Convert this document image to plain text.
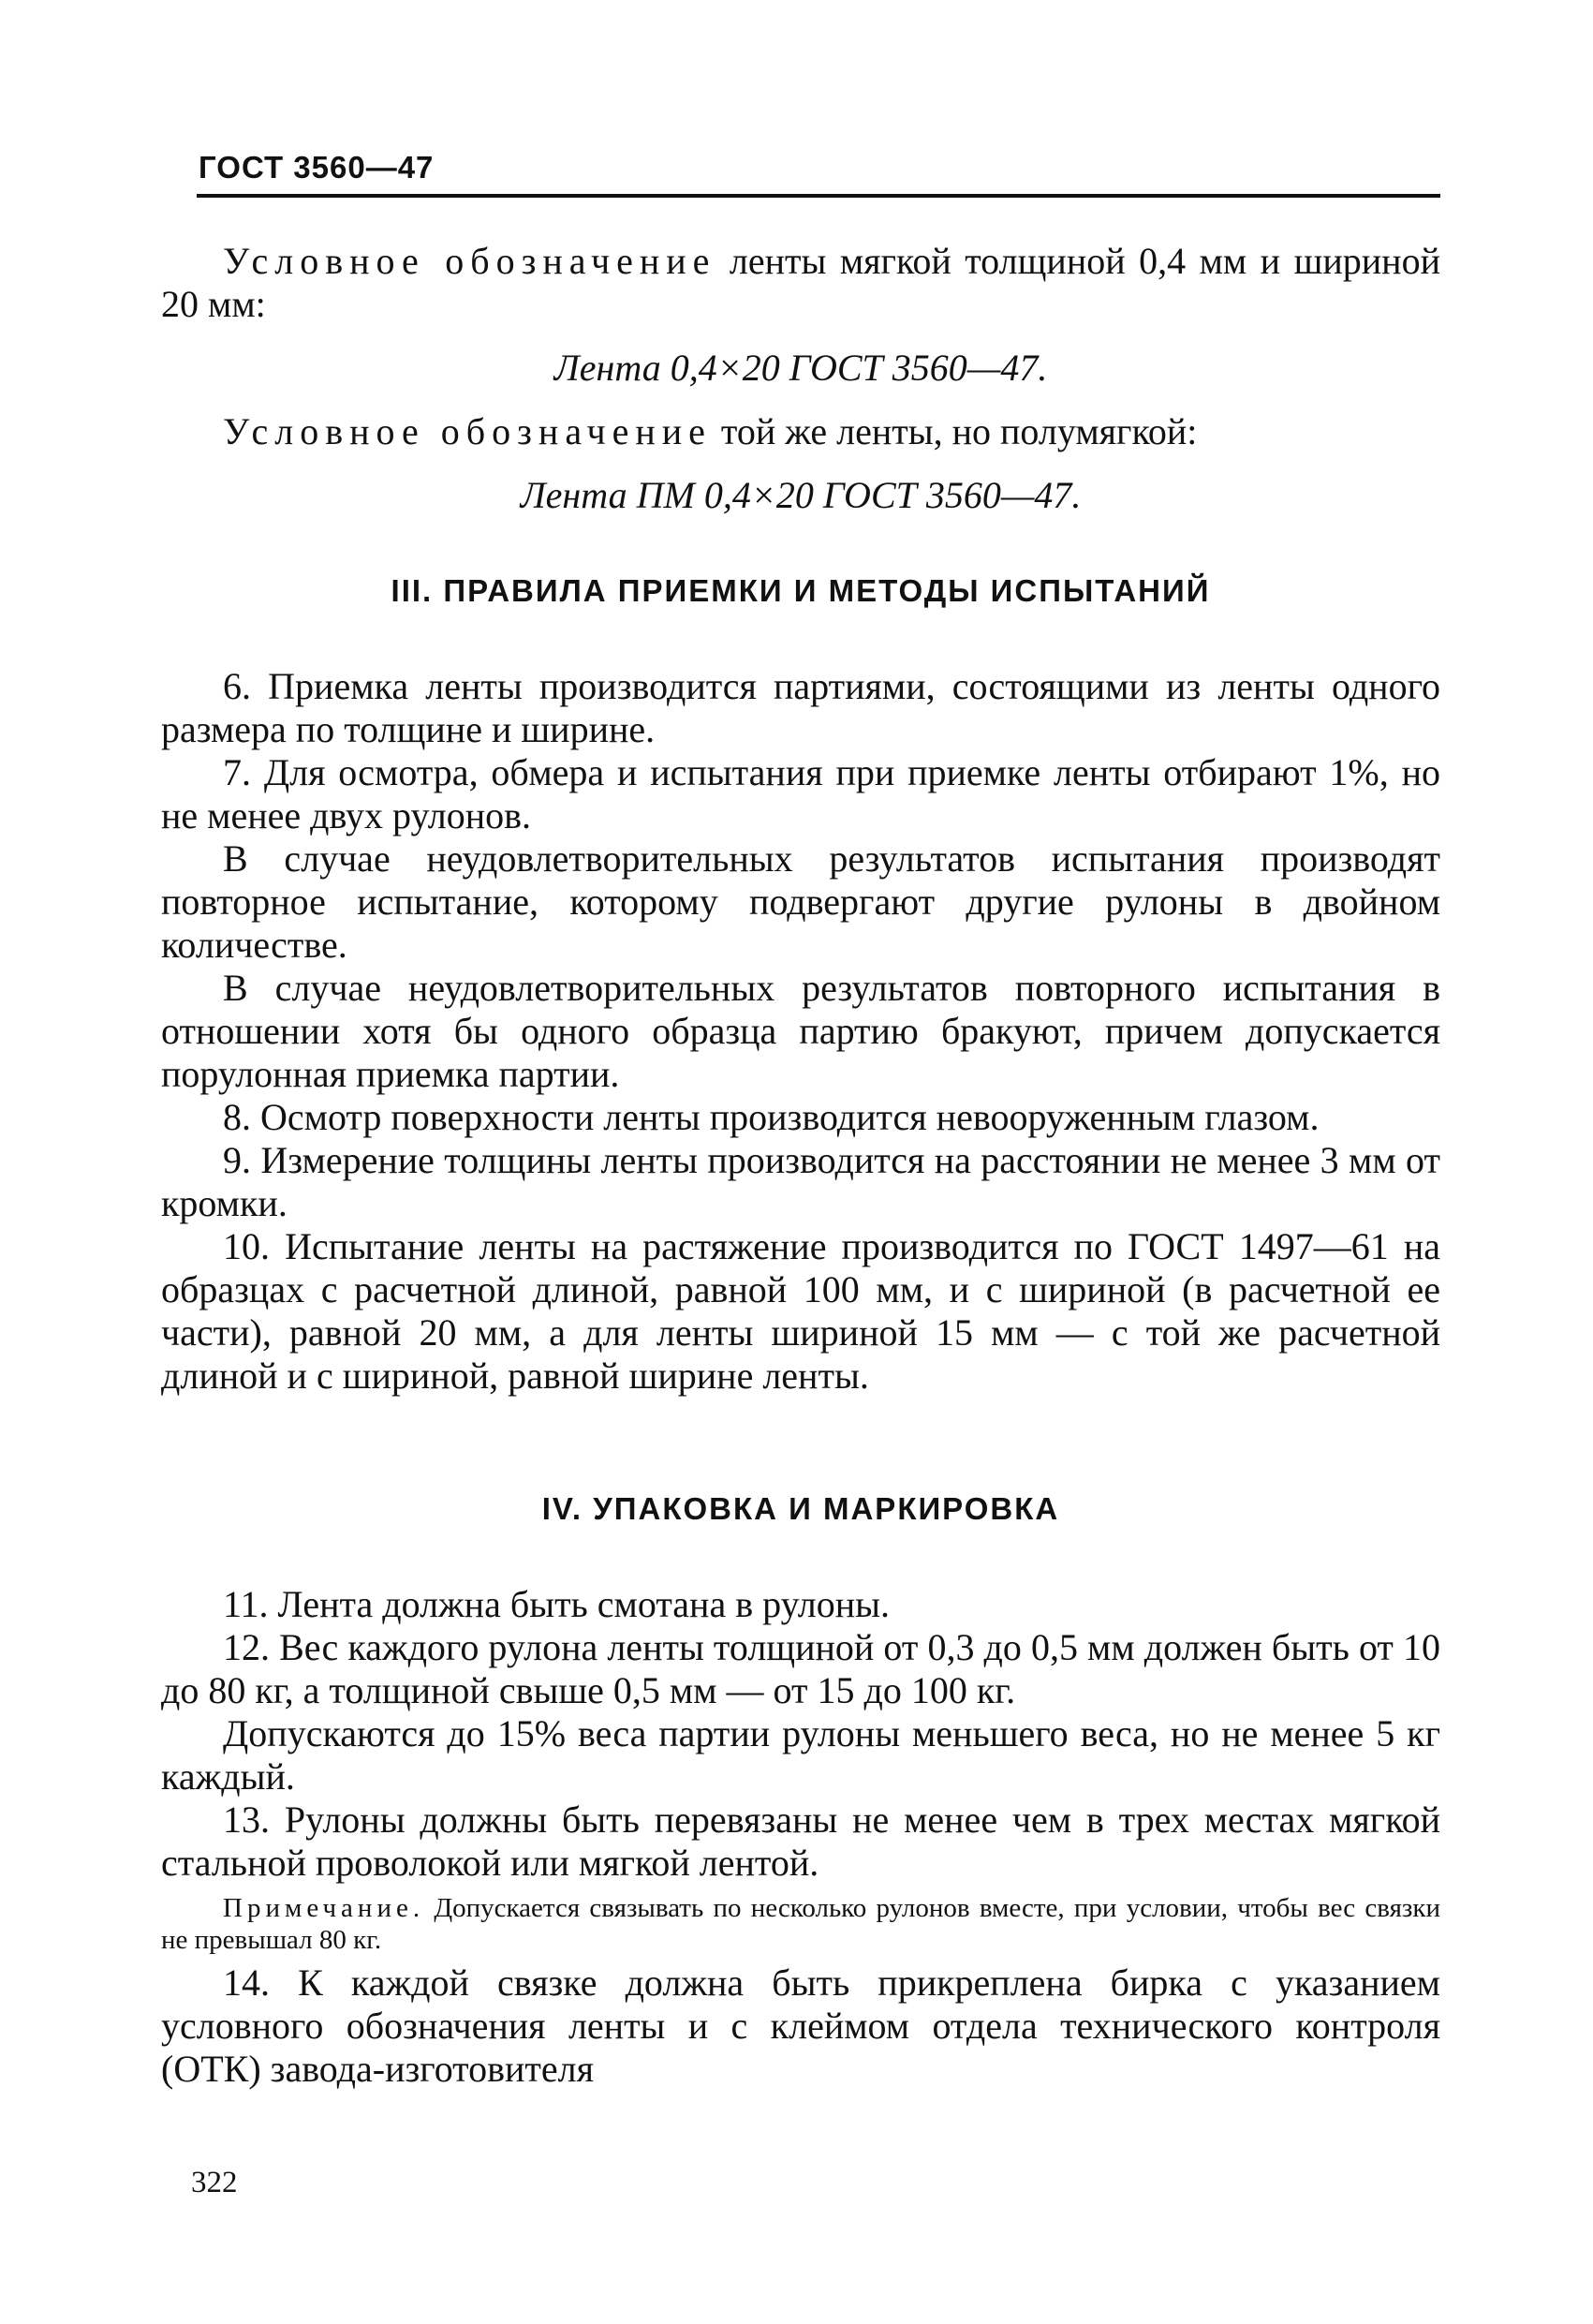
ГОСТ 3560—47

Условное обозначение ленты мягкой толщиной 0,4 мм и шириной 20 мм:

Лента 0,4×20 ГОСТ 3560—47.

Условное обозначение той же ленты, но полумягкой:

Лента ПМ 0,4×20 ГОСТ 3560—47.

III. ПРАВИЛА ПРИЕМКИ И МЕТОДЫ ИСПЫТАНИЙ

6. Приемка ленты производится партиями, состоящими из ленты одного размера по толщине и ширине.

7. Для осмотра, обмера и испытания при приемке ленты отбирают 1%, но не менее двух рулонов.

В случае неудовлетворительных результатов испытания производят повторное испытание, которому подвергают другие рулоны в двойном количестве.

В случае неудовлетворительных результатов повторного испытания в отношении хотя бы одного образца партию бракуют, причем допускается порулонная приемка партии.

8. Осмотр поверхности ленты производится невооруженным глазом.

9. Измерение толщины ленты производится на расстоянии не менее 3 мм от кромки.

10. Испытание ленты на растяжение производится по ГОСТ 1497—61 на образцах с расчетной длиной, равной 100 мм, и с шириной (в расчетной ее части), равной 20 мм, а для ленты шириной 15 мм — с той же расчетной длиной и с шириной, равной ширине ленты.

IV. УПАКОВКА И МАРКИРОВКА

11. Лента должна быть смотана в рулоны.

12. Вес каждого рулона ленты толщиной от 0,3 до 0,5 мм должен быть от 10 до 80 кг, а толщиной свыше 0,5 мм — от 15 до 100 кг.

Допускаются до 15% веса партии рулоны меньшего веса, но не менее 5 кг каждый.

13. Рулоны должны быть перевязаны не менее чем в трех местах мягкой стальной проволокой или мягкой лентой.

Примечание. Допускается связывать по несколько рулонов вместе, при условии, чтобы вес связки не превышал 80 кг.

14. К каждой связке должна быть прикреплена бирка с указанием условного обозначения ленты и с клеймом отдела технического контроля (ОТК) завода-изготовителя

322
